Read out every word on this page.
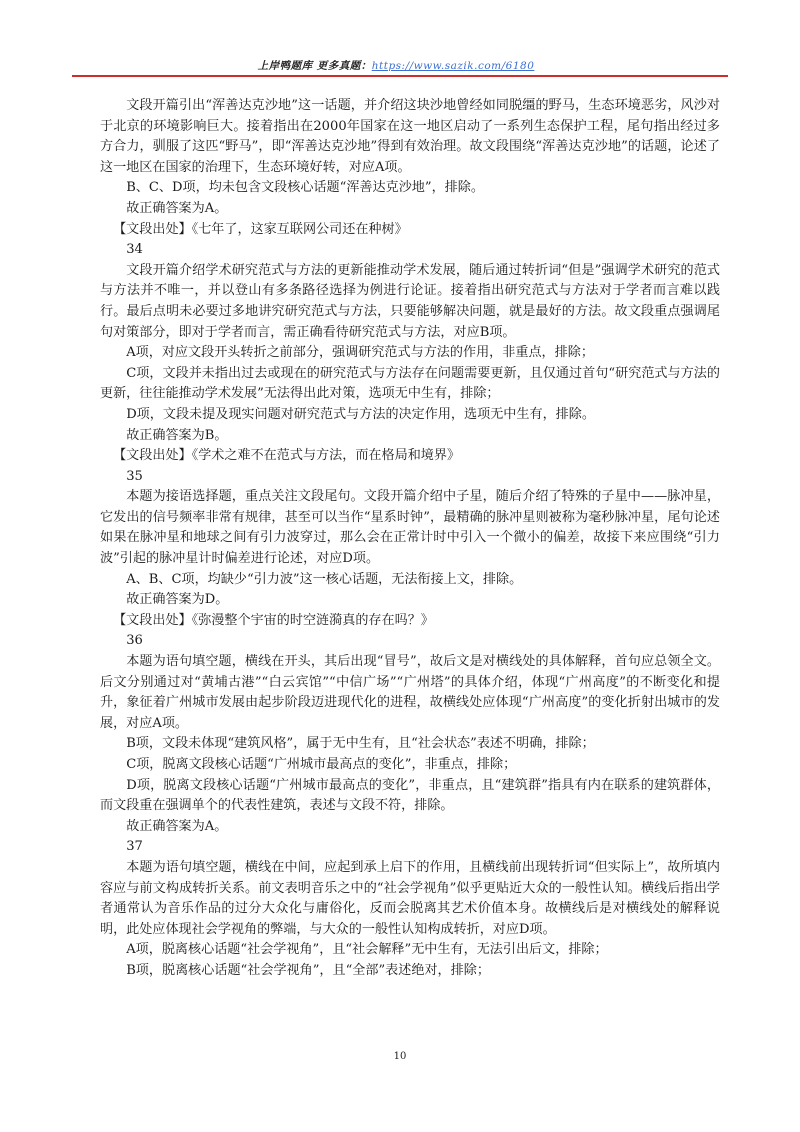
上岸鸭题库 更多真题：https://www.sazik.com/6180

文段开篇引出“浑善达克沙地”这一话题，并介绍这块沙地曾经如同脱缰的野马，生态环境恶劣，风沙对于北京的环境影响巨大。接着指出在2000年国家在这一地区启动了一系列生态保护工程，尾句指出经过多方合力，驯服了这匹“野马”，即“浑善达克沙地”得到有效治理。故文段围绕“浑善达克沙地”的话题，论述了这一地区在国家的治理下，生态环境好转，对应A项。

B、C、D项，均未包含文段核心话题“浑善达克沙地”，排除。

故正确答案为A。

【文段出处】《七年了，这家互联网公司还在种树》

34

文段开篇介绍学术研究范式与方法的更新能推动学术发展，随后通过转折词“但是”强调学术研究的范式与方法并不唯一，并以登山有多条路径选择为例进行论证。接着指出研究范式与方法对于学者而言难以践行。最后点明未必要过多地讲究研究范式与方法，只要能够解决问题，就是最好的方法。故文段重点强调尾句对策部分，即对于学者而言，需正确看待研究范式与方法，对应B项。

A项，对应文段开头转折之前部分，强调研究范式与方法的作用，非重点，排除；

C项，文段并未指出过去或现在的研究范式与方法存在问题需要更新，且仅通过首句“研究范式与方法的更新，往往能推动学术发展”无法得出此对策，选项无中生有，排除；

D项，文段未提及现实问题对研究范式与方法的决定作用，选项无中生有，排除。

故正确答案为B。

【文段出处】《学术之难不在范式与方法，而在格局和境界》

35

本题为接语选择题，重点关注文段尾句。文段开篇介绍中子星，随后介绍了特殊的子星中——脉冲星，它发出的信号频率非常有规律，甚至可以当作“星系时钟”，最精确的脉冲星则被称为毫秒脉冲星，尾句论述如果在脉冲星和地球之间有引力波穿过，那么会在正常计时中引入一个微小的偏差，故接下来应围绕“引力波”引起的脉冲星计时偏差进行论述，对应D项。

A、B、C项，均缺少“引力波”这一核心话题，无法衔接上文，排除。

故正确答案为D。

【文段出处】《弥漫整个宇宙的时空涟漪真的存在吗？》

36

本题为语句填空题，横线在开头，其后出现“冒号”，故后文是对横线处的具体解释，首句应总领全文。后文分别通过对“黄埔古港”“白云宾馆”“中信广场”“广州塔”的具体介绍，体现“广州高度”的不断变化和提升，象征着广州城市发展由起步阶段迈进现代化的进程，故横线处应体现“广州高度”的变化折射出城市的发展，对应A项。

B项，文段未体现“建筑风格”，属于无中生有，且“社会状态”表述不明确，排除；

C项，脱离文段核心话题“广州城市最高点的变化”，非重点，排除；

D项，脱离文段核心话题“广州城市最高点的变化”，非重点，且“建筑群”指具有内在联系的建筑群体，而文段重在强调单个的代表性建筑，表述与文段不符，排除。

故正确答案为A。

37

本题为语句填空题，横线在中间，应起到承上启下的作用，且横线前出现转折词“但实际上”，故所填内容应与前文构成转折关系。前文表明音乐之中的“社会学视角”似乎更贴近大众的一般性认知。横线后指出学者通常认为音乐作品的过分大众化与庸俗化，反而会脱离其艺术价值本身。故横线后是对横线处的解释说明，此处应体现社会学视角的弊端，与大众的一般性认知构成转折，对应D项。

A项，脱离核心话题“社会学视角”，且“社会解释”无中生有，无法引出后文，排除；

B项，脱离核心话题“社会学视角”，且“全部”表述绝对，排除；

10
